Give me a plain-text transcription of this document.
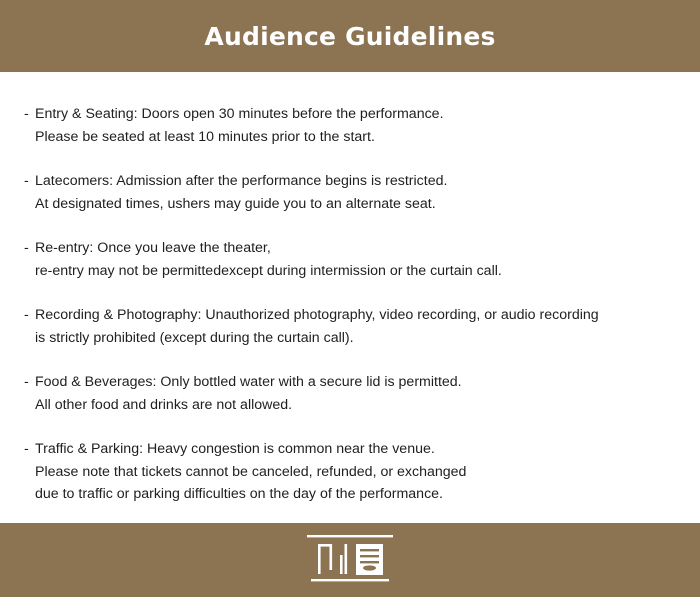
Audience Guidelines
- Entry & Seating: Doors open 30 minutes before the performance.
Please be seated at least 10 minutes prior to the start.
- Latecomers: Admission after the performance begins is restricted.
At designated times, ushers may guide you to an alternate seat.
- Re-entry: Once you leave the theater,
re-entry may not be permittedexcept during intermission or the curtain call.
- Recording & Photography: Unauthorized photography, video recording, or audio recording
is strictly prohibited (except during the curtain call).
- Food & Beverages: Only bottled water with a secure lid is permitted.
All other food and drinks are not allowed.
- Traffic & Parking: Heavy congestion is common near the venue.
Please note that tickets cannot be canceled, refunded, or exchanged
due to traffic or parking difficulties on the day of the performance.
